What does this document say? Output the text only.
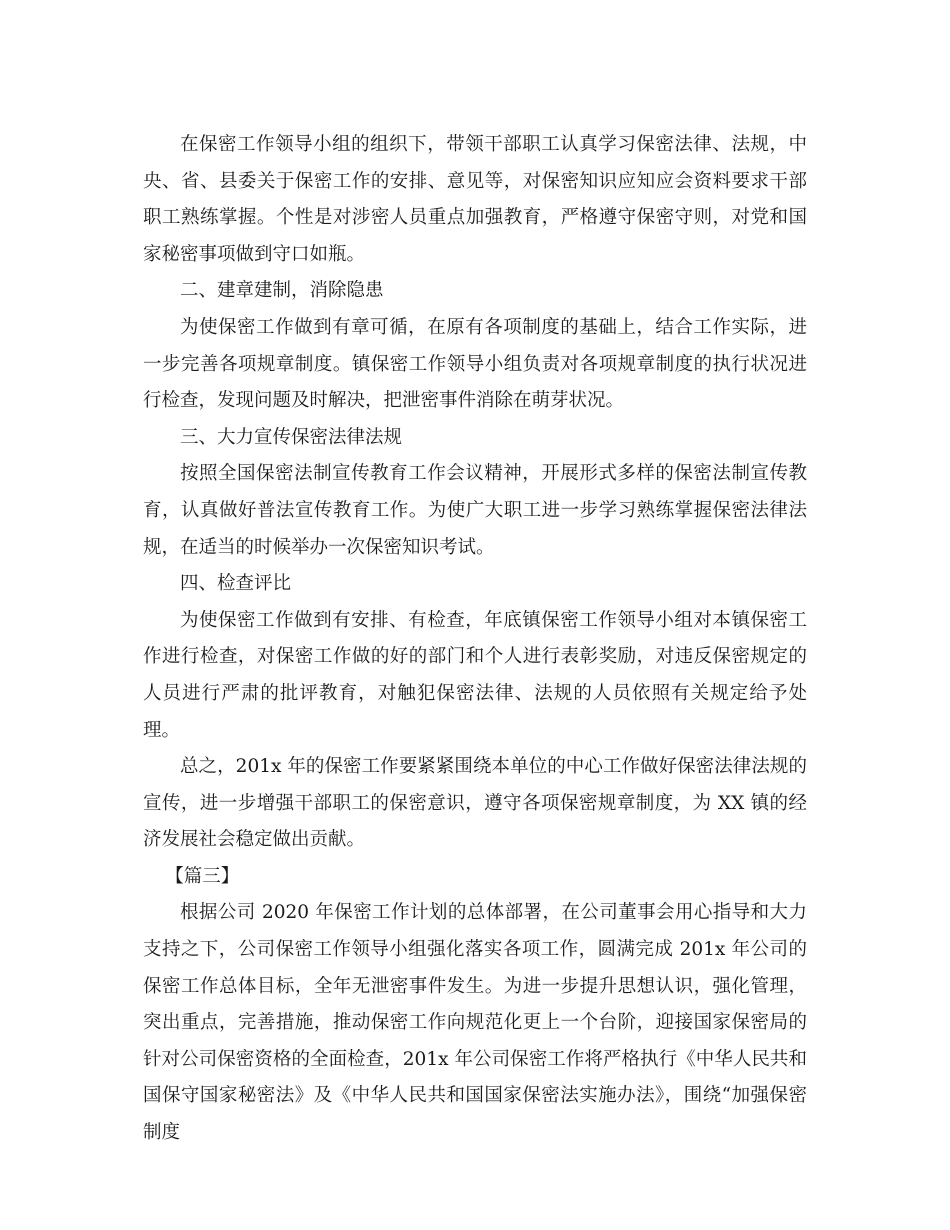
在保密工作领导小组的组织下，带领干部职工认真学习保密法律、法规，中央、省、县委关于保密工作的安排、意见等，对保密知识应知应会资料要求干部职工熟练掌握。个性是对涉密人员重点加强教育，严格遵守保密守则，对党和国家秘密事项做到守口如瓶。

二、建章建制，消除隐患

为使保密工作做到有章可循，在原有各项制度的基础上，结合工作实际，进一步完善各项规章制度。镇保密工作领导小组负责对各项规章制度的执行状况进行检查，发现问题及时解决，把泄密事件消除在萌芽状况。

三、大力宣传保密法律法规

按照全国保密法制宣传教育工作会议精神，开展形式多样的保密法制宣传教育，认真做好普法宣传教育工作。为使广大职工进一步学习熟练掌握保密法律法规，在适当的时候举办一次保密知识考试。

四、检查评比

为使保密工作做到有安排、有检查，年底镇保密工作领导小组对本镇保密工作进行检查，对保密工作做的好的部门和个人进行表彰奖励，对违反保密规定的人员进行严肃的批评教育，对触犯保密法律、法规的人员依照有关规定给予处理。

总之，201x 年的保密工作要紧紧围绕本单位的中心工作做好保密法律法规的宣传，进一步增强干部职工的保密意识，遵守各项保密规章制度，为 XX 镇的经济发展社会稳定做出贡献。

【篇三】

根据公司 2020 年保密工作计划的总体部署，在公司董事会用心指导和大力支持之下，公司保密工作领导小组强化落实各项工作，圆满完成 201x 年公司的保密工作总体目标，全年无泄密事件发生。为进一步提升思想认识，强化管理，突出重点，完善措施，推动保密工作向规范化更上一个台阶，迎接国家保密局的针对公司保密资格的全面检查，201x 年公司保密工作将严格执行《中华人民共和国保守国家秘密法》及《中华人民共和国国家保密法实施办法》，围绕“加强保密制度
